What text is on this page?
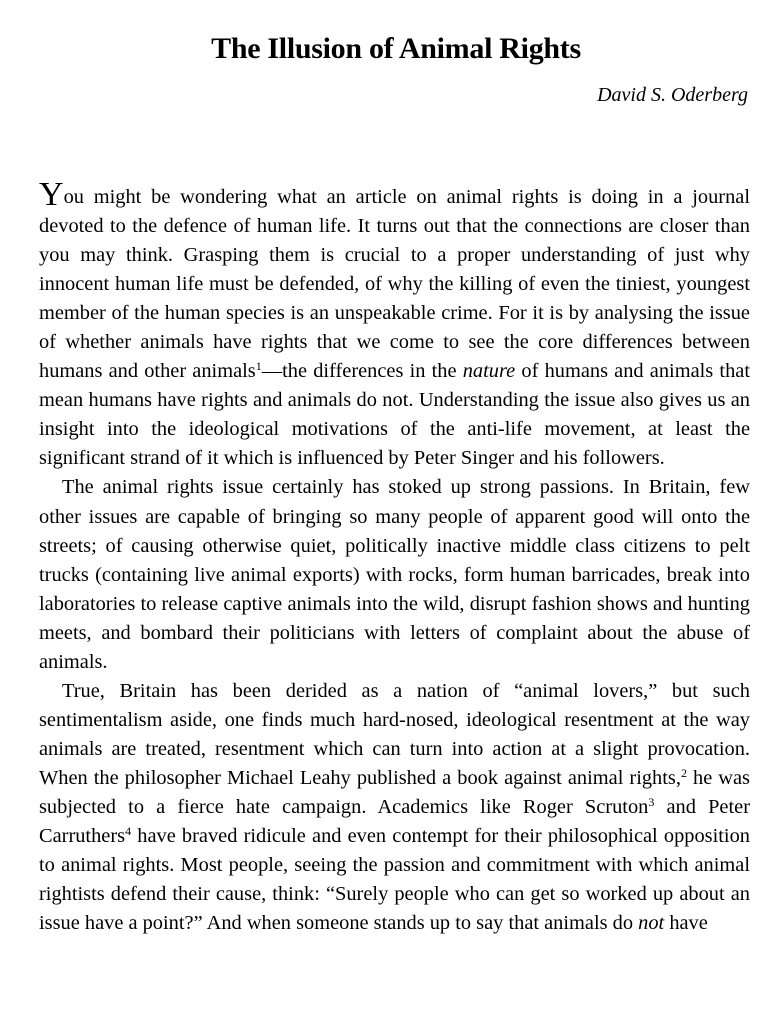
The Illusion of Animal Rights
David S. Oderberg

You might be wondering what an article on animal rights is doing in a journal devoted to the defence of human life. It turns out that the connections are closer than you may think. Grasping them is crucial to a proper understanding of just why innocent human life must be defended, of why the killing of even the tiniest, youngest member of the human species is an unspeakable crime. For it is by analysing the issue of whether animals have rights that we come to see the core differences between humans and other animals$^1$—the differences in the nature of humans and animals that mean humans have rights and animals do not. Understanding the issue also gives us an insight into the ideological motivations of the anti-life movement, at least the significant strand of it which is influenced by Peter Singer and his followers.

The animal rights issue certainly has stoked up strong passions. In Britain, few other issues are capable of bringing so many people of apparent good will onto the streets; of causing otherwise quiet, politically inactive middle class citizens to pelt trucks (containing live animal exports) with rocks, form human barricades, break into laboratories to release captive animals into the wild, disrupt fashion shows and hunting meets, and bombard their politicians with letters of complaint about the abuse of animals.

True, Britain has been derided as a nation of “animal lovers,” but such sentimentalism aside, one finds much hard-nosed, ideological resentment at the way animals are treated, resentment which can turn into action at a slight provocation. When the philosopher Michael Leahy published a book against animal rights,$^2$ he was subjected to a fierce hate campaign. Academics like Roger Scruton$^3$ and Peter Carruthers$^4$ have braved ridicule and even contempt for their philosophical opposition to animal rights. Most people, seeing the passion and commitment with which animal rightists defend their cause, think: “Surely people who can get so worked up about an issue have a point?” And when someone stands up to say that animals do not have
